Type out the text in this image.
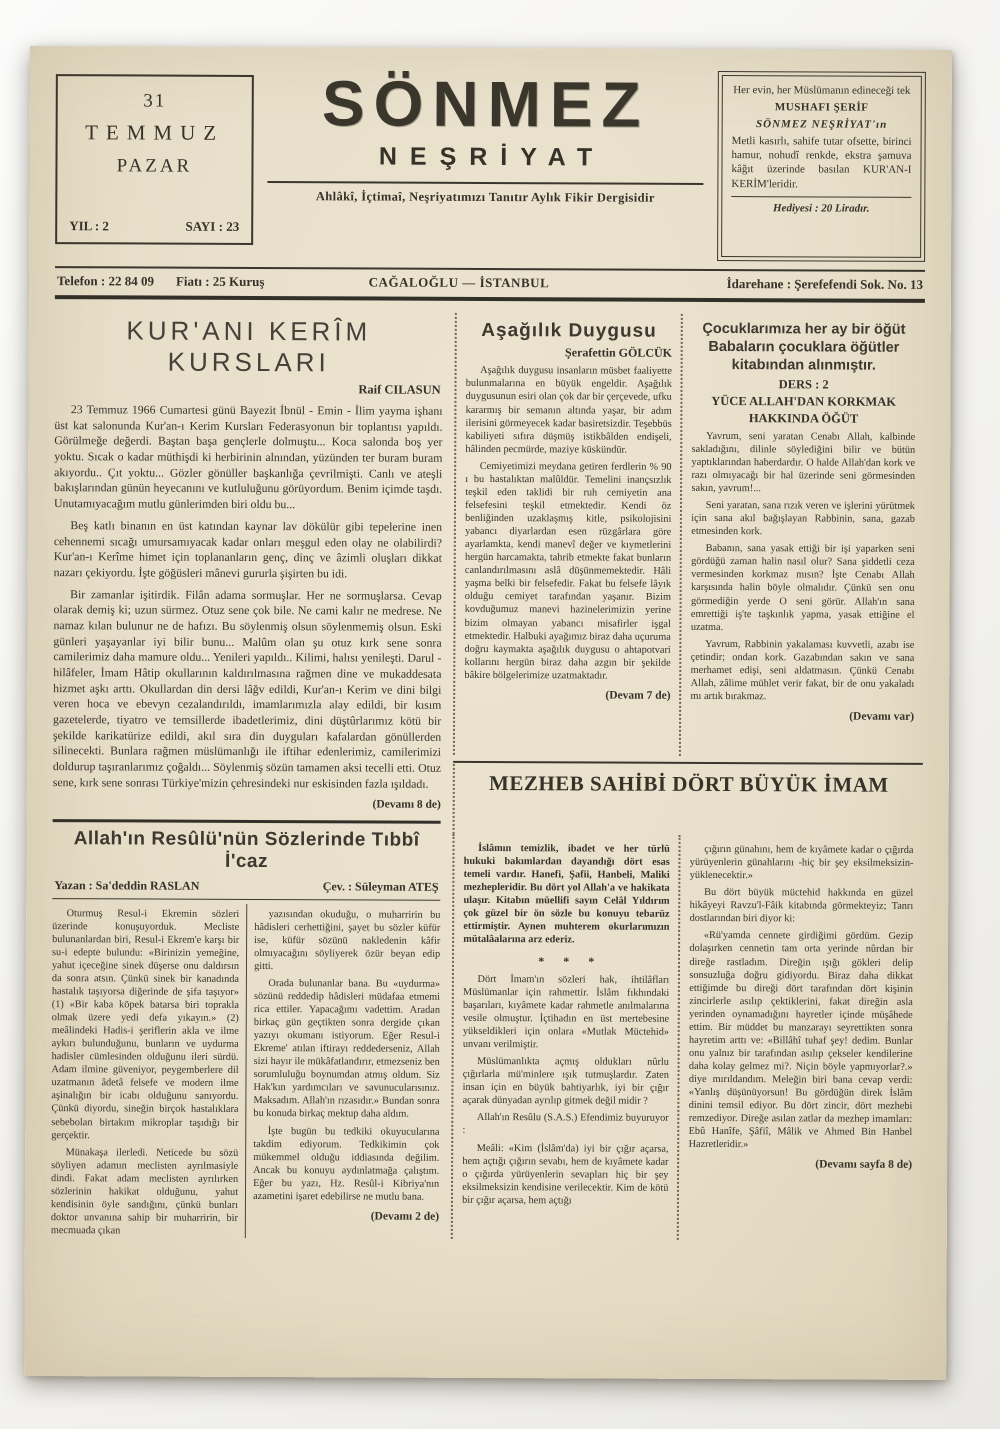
31
TEMMUZ
PAZAR
YIL : 2	SAYI : 23
SÖNMEZ
NEŞRİYAT
Ahlâkî, İçtimaî, Neşriyatımızı Tanıtır Aylık Fikir Dergisidir
Her evin, her Müslümanın edineceği tek
MUSHAFI ŞERİF
SÖNMEZ NEŞRİYAT'ın
Metli kasırlı, sahife tutar ofsette, birinci hamur, nohudî renkde, ekstra şamuva kâğıt üzerinde basılan KUR'AN-I KERİM'leridir.
Hediyesi : 20 Liradır.
Telefon : 22 84 09 Fiatı : 25 Kuruş	CAĞALOĞLU — İSTANBUL	İdarehane : Şerefefendi Sok. No. 13
KUR'ANI KERÎM KURSLARI
Raif CILASUN

23 Temmuz 1966 Cumartesi günü Bayezit İbnül - Emin - İlim yayma işhanı üst kat salonunda Kur'an-ı Kerim Kursları Federasyonun bir toplantısı yapıldı. Görülmeğe değerdi. Baştan başa gençlerle dolmuştu... Koca salonda boş yer yoktu. Sıcak o kadar müthişdi ki herbirinin alnından, yüzünden ter buram buram akıyordu.. Çıt yoktu... Gözler gönüller başkanlığa çevrilmişti. Canlı ve ateşli bakışlarından günün heyecanını ve kutluluğunu görüyordum. Benim içimde taşdı. Unutamıyacağım mutlu günlerimden biri oldu bu...

Beş katlı binanın en üst katından kaynar lav dökülür gibi tepelerine inen cehennemi sıcağı umursamıyacak kadar onları meşgul eden olay ne olabilirdi? Kur'an-ı Kerîme himet için toplananların genç, dinç ve âzimli oluşları dikkat nazarı çekiyordu. İşte göğüsleri mânevi gururla şişirten bu idi.

Bir zamanlar işitirdik. Filân adama sormuşlar. Her ne sormuşlarsa. Cevap olarak demiş ki; uzun sürmez. Otuz sene çok bile. Ne cami kalır ne medrese. Ne namaz kılan bulunur ne de hafızı. Bu söylenmiş olsun söylenmemiş olsun. Eski günleri yaşayanlar iyi bilir bunu... Malûm olan şu otuz kırk sene sonra camilerimiz daha mamure oldu... Yenileri yapıldı.. Kilimi, halısı yenileşti. Darul - hilâfeler, İmam Hâtip okullarının kaldırılmasına rağmen dine ve mukaddesata hizmet aşkı arttı. Okullardan din dersi lâğv edildi, Kur'an-ı Kerim ve dini bilgi veren hoca ve ebevyn cezalandırıldı, imamlarımızla alay edildi, bir kısım gazetelerde, tiyatro ve temsillerde ibadetlerimiz, dini düştûrlarımız kötü bir şekilde karikatürize edildi, akıl sıra din duyguları kafalardan gönüllerden silinecekti. Bunlara rağmen müslümanlığı ile iftihar edenlerimiz, camilerimizi doldurup taşıranlarımız çoğaldı... Söylenmiş sözün tamamen aksi tecelli etti. Otuz sene, kırk sene sonrası Türkiye'mizin çehresindeki nur eskisinden fazla ışıldadı.

(Devamı 8 de)
Allah'ın Resûlü'nün Sözlerinde Tıbbî İ'caz
Yazan : Sa'deddin RASLAN	Çev. : Süleyman ATEŞ

Oturmuş Resul-i Ekremin sözleri üzerinde konuşuyorduk. Mecliste bulunanlardan biri, Resul-i Ekrem'e karşı bir su-i edepte bulundu: «Birinizin yemeğine, yahut içeceğine sinek düşerse onu daldırsın da sonra atsın. Çünkü sinek bir kanadında hastalık taşıyorsa diğerinde de şifa taşıyor» (1) «Bir kaba köpek batarsa biri toprakla olmak üzere yedi defa yıkayın.» (2) meâlindeki Hadis-i şeriflerin akla ve ilme aykırı bulunduğunu, bunların ve uydurma hadisler cümlesinden olduğunu ileri sürdü. Adam ilmine güveniyor, peygemberlere dil uzatmanın âdetâ felsefe ve modern ilme aşinalığın bir icabı olduğunu sanıyordu. Çünkü diyordu, sineğin birçok hastalıklara sebebolan birtakım mikroplar taşıdığı bir gerçektir.

Münakaşa ilerledi. Neticede bu sözü söyliyen adamın meclisten ayrılmasiyle dindi. Fakat adam meclisten ayrılırken sözlerinin hakikat olduğunu, yahut kendisinin öyle sandığını, çünkü bunları doktor unvanına sahip bir muharririn, bir mecmuada çıkan

yazısından okuduğu, o muharririn bu hâdisleri cerhettiğini, şayet bu sözler küfür ise, küfür sözünü nakledenin kâfir olmıyacağını söyliyerek özür beyan edip gitti.

Orada bulunanlar bana. Bu «uydurma» sözünü reddedip hâdisleri müdafaa etmemi rica ettiler. Yapacağımı vadettim. Aradan birkaç gün geçtikten sonra dergide çıkan yazıyı okumanı istiyorum. Eğer Resul-i Ekreme' atılan iftirayı reddederseniz, Allah sizi hayır ile mükâfatlandırır, etmezseniz ben sorumluluğu boynumdan atmış oldum. Siz Hak'kın yardımcıları ve savunucularısınız. Maksadım. Allah'ın rızasıdır.» Bundan sonra bu konuda birkaç mektup daha aldım.

İşte bugün bu tedkiki okuyucularına takdim ediyorum. Tedkikimin çok mükemmel olduğu iddiasında değilim. Ancak bu konuyu aydınlatmağa çalıştım. Eğer bu yazı, Hz. Resûl-i Kibriya'nın azametini işaret edebilirse ne mutlu bana.

(Devamı 2 de)
Aşağılık Duygusu
Şerafettin GÖLCÜK

Aşağılık duygusu insanların müsbet faaliyette bulunmalarına en büyük engeldir. Aşağılık duygusunun esiri olan çok dar bir çerçevede, ufku kararmış bir semanın altında yaşar, bir adım ilerisini görmeyecek kadar basiretsizdir. Teşebbüs kabiliyeti sıfıra düşmüş istikbâlden endişeli, hâlinden pecmürde, maziye küskündür.

Cemiyetimizi meydana getiren ferdlerin % 90 ı bu hastalıktan malûldür. Temelini inançsızlık teşkil eden taklidi bir ruh cemiyetin ana felsefesini teşkil etmektedir. Kendi öz benliğinden uzaklaşmış kitle, psikolojisini yabancı diyarlardan esen rüzgârlara göre ayarlamkta, kendi manevî değer ve kıymetlerini hergün harcamakta, tahrib etmekte fakat bunların canlandırılmasını aslâ düşünmemektedir. Hâli yaşma belki bir felsefedir. Fakat bu felsefe lâyık olduğu cemiyet tarafından yaşanır. Bizim kovduğumuz manevi hazinelerimizin yerine bizim olmayan yabancı misafirler işgal etmektedir. Halbuki ayağımız biraz daha uçuruma doğru kaymakta aşağılık duygusu o ahtapotvari kollarını hergün biraz daha azgın bir şekilde bâkire bölgelerimize uzatmaktadır.

(Devam 7 de)
Çocuklarımıza her ay bir öğüt
Babaların çocuklara öğütler
kitabından alınmıştır.
DERS : 2
YÜCE ALLAH'DAN KORKMAK
HAKKINDA ÖĞÜT

Yavrum, seni yaratan Cenabı Allah, kalbinde sakladığını, dilinle söylediğini bilir ve bütün yaptıklarından haberdardır. O halde Allah'dan kork ve razı olmıyacağı bir hal üzerinde seni görmesinden sakın, yavrum!...

Seni yaratan, sana rızık veren ve işlerini yürütmek için sana akıl bağışlayan Rabbinin, sana, gazab etmesinden kork.

Babanın, sana yasak ettiği bir işi yaparken seni gördüğü zaman halin nasıl olur? Sana şiddetli ceza vermesinden korkmaz mısın? İşte Cenabı Allah karşısında halin böyle olmalıdır. Çünkü sen onu görmediğin yerde O seni görür. Allah'ın sana emrettiği iş'te taşkınlık yapma, yasak ettiğine el uzatma.

Yavrum, Rabbinin yakalaması kuvvetli, azabı ise çetindir; ondan kork. Gazabından sakın ve sana merhamet edişi, seni aldatmasın. Çünkü Cenabı Allah, zâlime mühlet verir fakat, bir de onu yakaladı mı artık bırakmaz.

(Devamı var)
MEZHEB SAHİBİ DÖRT BÜYÜK İMAM

İslâmın temizlik, ibadet ve her türlü hukuki bakımlardan dayandığı dört esas temeli vardır. Hanefi, Şafii, Hanbeli, Maliki mezhepleridir. Bu dört yol Allah'a ve hakikata ulaşır. Kitabın müellifi sayın Celâl Yıldırım çok güzel bir ön sözle bu konuyu tebarüz ettirmiştir. Aynen muhterem okurlarımızın mütalâalarına arz ederiz.

* * *

Dört İmam'ın sözleri hak, ihtilâfları Müslümanlar için rahmettir. İslâm fıkhındaki başarıları, kıyâmete kadar rahmetle anılmalarına vesile olmuştur. İçtihadın en üst mertebesine yükseldikleri için onlara «Mutlak Müctehid» unvanı verilmiştir.

Müslümanlıkta açmış oldukları nûrlu çığırlarla mü'minlere ışık tutmuşlardır. Zaten insan için en büyük bahtiyarlık, iyi bir çığır açarak dünyadan ayrılıp gitmek değil midir ?

Allah'ın Resûlu (S.A.S.) Efendimiz buyuruyor :

Meâli: «Kim (İslâm'da) iyi bir çığır açarsa, hem açtığı çığırın sevabı, hem de kıyâmete kadar o çığırda yürüyenlerin sevapları hiç bir şey eksilmeksizin kendisine verilecektir. Kim de kötü bir çığır açarsa, hem açtığı

çığırın günahını, hem de kıyâmete kadar o çığırda yürüyenlerin günahlarını -hiç bir şey eksilmeksizin- yüklenecektir.»

Bu dört büyük müctehid hakkında en güzel hikâyeyi Ravzu'l-Fâik kitabında görmekteyiz; Tanrı dostlarından biri diyor ki:

«Rü'yamda cennete girdiğimi gördüm. Gezip dolaşırken cennetin tam orta yerinde nûrdan bir direğe rastladım. Direğin ışığı gökleri delip sonsuzluğa doğru gidiyordu. Biraz daha dikkat ettiğimde bu direği dört tarafından dört kişinin zincirlerle asılıp çektiklerini, fakat direğin asla yerinden oynamadığını hayretler içinde müşâhede ettim. Bir müddet bu manzarayı seyrettikten sonra hayretim arttı ve: «Billâhî tuhaf şey! dedim. Bunlar onu yalnız bir tarafından asılıp çekseler kendilerine daha kolay gelmez mi?. Niçin böyle yapmıyorlar?.» diye mırıldandım. Meleğin biri bana cevap verdi: «Yanlış düşünüyorsun! Bu gördüğün direk İslâm dinini temsil ediyor. Bu dört zincir, dört mezhebi remzediyor. Direğe asılan zatlar da mezhep imamları: Ebû Hanîfe, Şâfiî, Mâlik ve Ahmed Bin Hanbel Hazretleridir.»

(Devamı sayfa 8 de)
